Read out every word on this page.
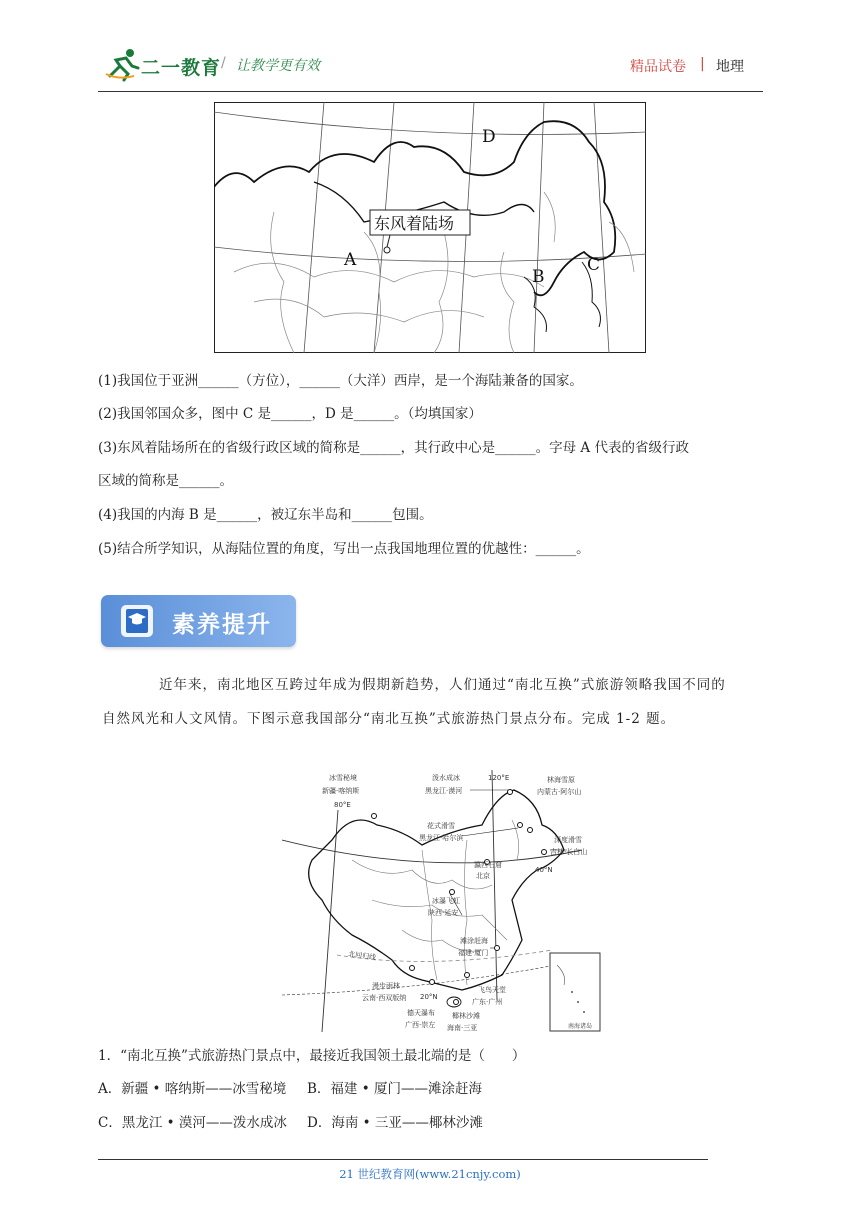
二一教育 / 让教学更有效	精品试卷 | 地理
东风着陆场
A
B
C
D
(1)我国位于亚洲______（方位），______（大洋）西岸，是一个海陆兼备的国家。
(2)我国邻国众多，图中 C 是______，D 是______。（均填国家）
(3)东风着陆场所在的省级行政区域的简称是______，其行政中心是______。字母 A 代表的省级行政
区域的简称是______。
(4)我国的内海 B 是______，被辽东半岛和______包围。
(5)结合所学知识，从海陆位置的角度，写出一点我国地理位置的优越性：______。
素养提升
近年来，南北地区互跨过年成为假期新趋势，人们通过“南北互换”式旅游领略我国不同的
自然风光和人文风情。下图示意我国部分“南北互换”式旅游热门景点分布。完成 1-2 题。
冰雪秘境
新疆·喀纳斯
80°E
泼水成冰
黑龙江·漠河
120°E	林海雪原
内蒙古·阿尔山
花式滑雪
黑龙江·哈尔滨	深度滑雪
吉林·长白山
瀛西石窟
北京
40°N
冰瀑飞虹
陕西·延安
滩涂赶海
福建·厦门
北回归线
漫步雨林
云南·西双版纳 20°N
飞鸟天堂
广东·广州
德天瀑布
广西·崇左
椰林沙滩
海南·三亚	南海诸岛
1．“南北互换”式旅游热门景点中，最接近我国领土最北端的是（　　）
A．新疆 • 喀纳斯——冰雪秘境 B．福建 • 厦门——滩涂赶海
C．黑龙江 • 漠河——泼水成冰 D．海南 • 三亚——椰林沙滩
21 世纪教育网(www.21cnjy.com)
